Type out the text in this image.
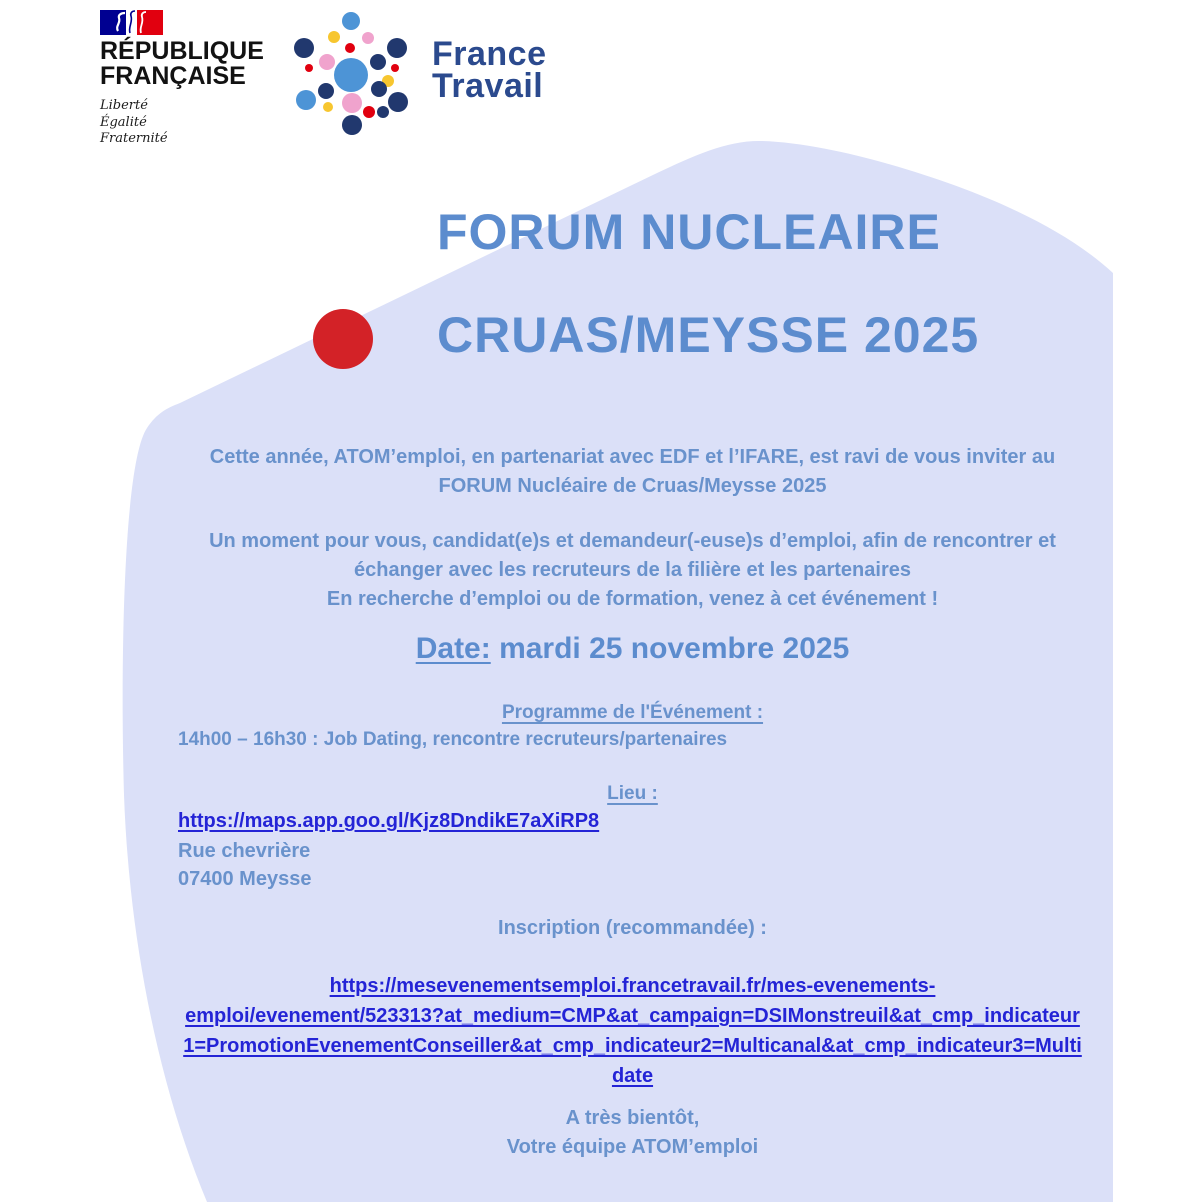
RÉPUBLIQUE
FRANÇAISE
Liberté
Égalité
Fraternité
France
Travail
FORUM NUCLEAIRE
CRUAS/MEYSSE 2025
Cette année, ATOM’emploi, en partenariat avec EDF et l’IFARE, est ravi de vous inviter au
FORUM Nucléaire de Cruas/Meysse 2025
Un moment pour vous, candidat(e)s et demandeur(-euse)s d’emploi, afin de rencontrer et
échanger avec les recruteurs de la filière et les partenaires
En recherche d’emploi ou de formation, venez à cet événement !
Date: mardi 25 novembre 2025
Programme de l'Événement :
14h00 – 16h30 : Job Dating, rencontre recruteurs/partenaires
Lieu :
https://maps.app.goo.gl/Kjz8DndikE7aXiRP8
Rue chevrière
07400 Meysse
Inscription (recommandée) :
https://mesevenementsemploi.francetravail.fr/mes-evenements-
emploi/evenement/523313?at_medium=CMP&at_campaign=DSIMonstreuil&at_cmp_indicateur
1=PromotionEvenementConseiller&at_cmp_indicateur2=Multicanal&at_cmp_indicateur3=Multi
date
A très bientôt,
Votre équipe ATOM’emploi
